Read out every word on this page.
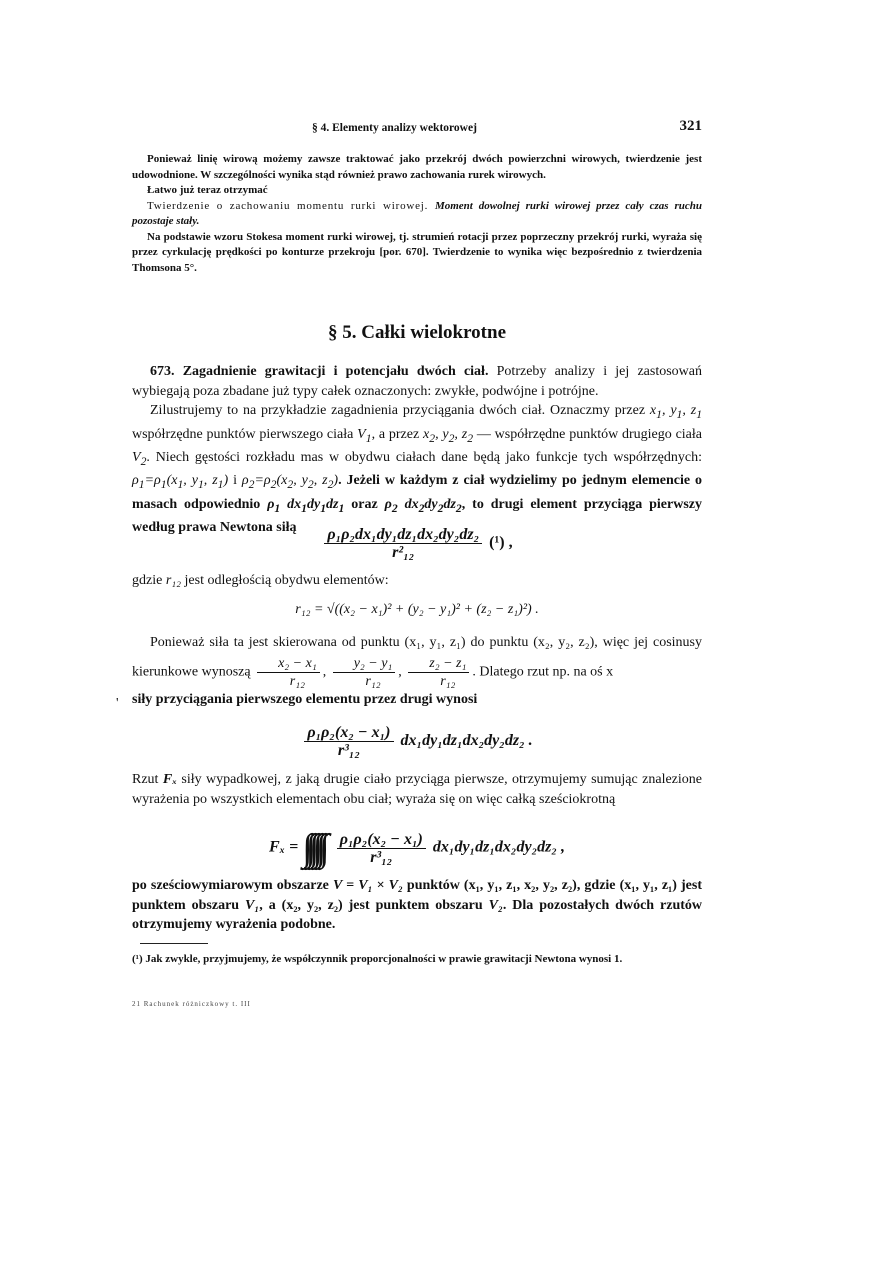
§ 4. Elementy analizy wektorowej	321

Ponieważ linię wirową możemy zawsze traktować jako przekrój dwóch powierzchni wirowych, twierdzenie jest udowodnione. W szczególności wynika stąd również prawo zachowania rurek wirowych.

Łatwo już teraz otrzymać

Twierdzenie o zachowaniu momentu rurki wirowej. Moment dowolnej rurki wirowej przez cały czas ruchu pozostaje stały.

Na podstawie wzoru Stokesa moment rurki wirowej, tj. strumień rotacji przez poprzeczny przekrój rurki, wyraża się przez cyrkulację prędkości po konturze przekroju [por. 670]. Twierdzenie to wynika więc bezpośrednio z twierdzenia Thomsona 5°.

§ 5. Całki wielokrotne

673. Zagadnienie grawitacji i potencjału dwóch ciał. Potrzeby analizy i jej zastosowań wybiegają poza zbadane już typy całek oznaczonych: zwykłe, podwójne i potrójne.

Zilustrujemy to na przykładzie zagadnienia przyciągania dwóch ciał. Oznaczmy przez $x_1$, $y_1$, $z_1$ współrzędne punktów pierwszego ciała $V_1$, a przez $x_2$, $y_2$, $z_2$ — współrzędne punktów drugiego ciała $V_2$. Niech gęstości rozkładu mas w obydwu ciałach dane będą jako funkcje tych współrzędnych: $\rho_1=\rho_1(x_1$, $y_1$, $z_1$) i $\rho_2=\rho_2(x_2$, $y_2$, $z_2$). Jeżeli w każdym z ciał wydzielimy po jednym elemencie o masach odpowiednio $\rho_1$ $dx_1dy_1dz_1$ oraz $\rho_2$ $dx_2dy_2dz_2$, to drugi element przyciąga pierwszy według prawa Newtona siłą	$\frac{\text{ρ₁ρ₂dx₁dy₁dz₁dx₂dy₂dz₂}}{\text{r²₁₂}} (^1)$ ,
gdzie r₁₂ jest odległością obydwu elementów:
r₁₂ = √((x₂ − x₁)² + (y₂ − y₁)² + (z₂ − z₁)²) .

Ponieważ siła ta jest skierowana od punktu (x₁, y₁, z₁) do punktu (x₂, y₂, z₂), więc jej cosinusy kierunkowe wynoszą $\frac{\text{x₂ − x₁}}{\text{r₁₂}}$ , $\frac{\text{y₂ − y₁}}{\text{r₁₂}}$ , $\frac{\text{z₂ − z₁}}{\text{r₁₂}}$ . Dlatego rzut np. na oś x

siły przyciągania pierwszego elementu przez drugi wynosi

'
$\frac{\text{ρ₁ρ₂(x₂ − x₁)}}{\text{r³₁₂}} dx_1dy_1dz_1dx_2dy_2dz_2$ .

Rzut Fₓ siły wypadkowej, z jaką drugie ciało przyciąga pierwsze, otrzymujemy sumując znalezione wyrażenia po wszystkich elementach obu ciał; wyraża się on więc całką sześciokrotną

Fₓ = ∫∫∫∫∫∫ $\frac{\text{ρ₁ρ₂(x₂ − x₁)}}{\text{r³₁₂}} dx_1dy_1dz_1dx_2dy_2dz_2$ ,

po sześciowymiarowym obszarze V = V₁ × V₂ punktów (x₁, y₁, z₁, x₂, y₂, z₂), gdzie (x₁, y₁, z₁) jest punktem obszaru V₁, a (x₂, y₂, z₂) jest punktem obszaru V₂. Dla pozostałych dwóch rzutów otrzymujemy wyrażenia podobne.

(¹) Jak zwykle, przyjmujemy, że współczynnik proporcjonalności w prawie grawitacji Newtona wynosi 1.
21 Rachunek różniczkowy t. III
